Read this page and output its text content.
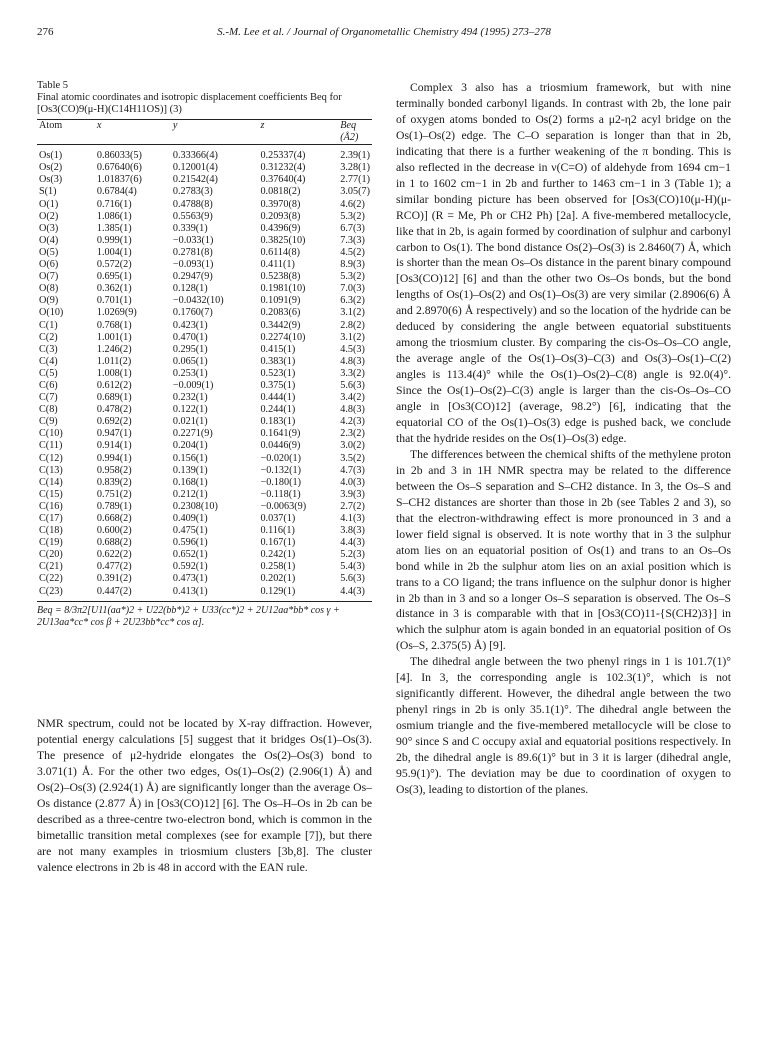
276	S.-M. Lee et al. / Journal of Organometallic Chemistry 494 (1995) 273–278
Table 5
Final atomic coordinates and isotropic displacement coefficients Beq for [Os3(CO)9(μ-H)(C14H11OS)] (3)
Atom	x	y	z	Beq (Å2)
Os(1)	0.86033(5)	0.33366(4)	0.25337(4)	2.39(1)
Os(2)	0.67640(6)	0.12001(4)	0.31232(4)	3.28(1)
Os(3)	1.01837(6)	0.21542(4)	0.37640(4)	2.77(1)
S(1)	0.6784(4)	0.2783(3)	0.0818(2)	3.05(7)
O(1)	0.716(1)	0.4788(8)	0.3970(8)	4.6(2)
O(2)	1.086(1)	0.5563(9)	0.2093(8)	5.3(2)
O(3)	1.385(1)	0.339(1)	0.4396(9)	6.7(3)
O(4)	0.999(1)	−0.033(1)	0.3825(10)	7.3(3)
O(5)	1.004(1)	0.2781(8)	0.6114(8)	4.5(2)
O(6)	0.572(2)	−0.093(1)	0.411(1)	8.9(3)
O(7)	0.695(1)	0.2947(9)	0.5238(8)	5.3(2)
O(8)	0.362(1)	0.128(1)	0.1981(10)	7.0(3)
O(9)	0.701(1)	−0.0432(10)	0.1091(9)	6.3(2)
O(10)	1.0269(9)	0.1760(7)	0.2083(6)	3.1(2)
C(1)	0.768(1)	0.423(1)	0.3442(9)	2.8(2)
C(2)	1.001(1)	0.470(1)	0.2274(10)	3.1(2)
C(3)	1.246(2)	0.295(1)	0.415(1)	4.5(3)
C(4)	1.011(2)	0.065(1)	0.383(1)	4.8(3)
C(5)	1.008(1)	0.253(1)	0.523(1)	3.3(2)
C(6)	0.612(2)	−0.009(1)	0.375(1)	5.6(3)
C(7)	0.689(1)	0.232(1)	0.444(1)	3.4(2)
C(8)	0.478(2)	0.122(1)	0.244(1)	4.8(3)
C(9)	0.692(2)	0.021(1)	0.183(1)	4.2(3)
C(10)	0.947(1)	0.2271(9)	0.1641(9)	2.3(2)
C(11)	0.914(1)	0.204(1)	0.0446(9)	3.0(2)
C(12)	0.994(1)	0.156(1)	−0.020(1)	3.5(2)
C(13)	0.958(2)	0.139(1)	−0.132(1)	4.7(3)
C(14)	0.839(2)	0.168(1)	−0.180(1)	4.0(3)
C(15)	0.751(2)	0.212(1)	−0.118(1)	3.9(3)
C(16)	0.789(1)	0.2308(10)	−0.0063(9)	2.7(2)
C(17)	0.668(2)	0.409(1)	0.037(1)	4.1(3)
C(18)	0.600(2)	0.475(1)	0.116(1)	3.8(3)
C(19)	0.688(2)	0.596(1)	0.167(1)	4.4(3)
C(20)	0.622(2)	0.652(1)	0.242(1)	5.2(3)
C(21)	0.477(2)	0.592(1)	0.258(1)	5.4(3)
C(22)	0.391(2)	0.473(1)	0.202(1)	5.6(3)
C(23)	0.447(2)	0.413(1)	0.129(1)	4.4(3)
Beq = 8/3π2[U11(aa*)2 + U22(bb*)2 + U33(cc*)2 + 2U12aa*bb* cos γ + 2U13aa*cc* cos β + 2U23bb*cc* cos α].

NMR spectrum, could not be located by X-ray diffraction. However, potential energy calculations [5] suggest that it bridges Os(1)–Os(3). The presence of μ2-hydride elongates the Os(2)–Os(3) bond to 3.071(1) Å. For the other two edges, Os(1)–Os(2) (2.906(1) Å) and Os(2)–Os(3) (2.924(1) Å) are significantly longer than the average Os–Os distance (2.877 Å) in [Os3(CO)12] [6]. The Os–H–Os in 2b can be described as a three-centre two-electron bond, which is common in the bimetallic transition metal complexes (see for example [7]), but there are not many examples in triosmium clusters [3b,8]. The cluster valence electrons in 2b is 48 in accord with the EAN rule.

Complex 3 also has a triosmium framework, but with nine terminally bonded carbonyl ligands. In contrast with 2b, the lone pair of oxygen atoms bonded to Os(2) forms a μ2-η2 acyl bridge on the Os(1)–Os(2) edge. The C–O separation is longer than that in 2b, indicating that there is a further weakening of the π bonding. This is also reflected in the decrease in ν(C=O) of aldehyde from 1694 cm−1 in 1 to 1602 cm−1 in 2b and further to 1463 cm−1 in 3 (Table 1); a similar bonding picture has been observed for [Os3(CO)10(μ-H)(μ-RCO)] (R = Me, Ph or CH2 Ph) [2a]. A five-membered metallocycle, like that in 2b, is again formed by coordination of sulphur and carbonyl carbon to Os(1). The bond distance Os(2)–Os(3) is 2.8460(7) Å, which is shorter than the mean Os–Os distance in the parent binary compound [Os3(CO)12] [6] and than the other two Os–Os bonds, but the bond lengths of Os(1)–Os(2) and Os(1)–Os(3) are very similar (2.8906(6) Å and 2.8970(6) Å respectively) and so the location of the hydride can be deduced by considering the angle between equatorial substituents among the triosmium cluster. By comparing the cis-Os–Os–CO angle, the average angle of the Os(1)–Os(3)–C(3) and Os(3)–Os(1)–C(2) angles is 113.4(4)° while the Os(1)–Os(2)–C(8) angle is 92.0(4)°. Since the Os(1)–Os(2)–C(3) angle is larger than the cis-Os–Os–CO angle in [Os3(CO)12] (average, 98.2°) [6], indicating that the equatorial CO of the Os(1)–Os(3) edge is pushed back, we conclude that the hydride resides on the Os(1)–Os(3) edge.

The differences between the chemical shifts of the methylene proton in 2b and 3 in 1H NMR spectra may be related to the difference between the Os–S separation and S–CH2 distance. In 3, the Os–S and S–CH2 distances are shorter than those in 2b (see Tables 2 and 3), so that the electron-withdrawing effect is more pronounced in 3 and a lower field signal is observed. It is note worthy that in 3 the sulphur atom lies on an equatorial position of Os(1) and trans to an Os–Os bond while in 2b the sulphur atom lies on an axial position which is trans to a CO ligand; the trans influence on the sulphur donor is higher in 2b than in 3 and so a longer Os–S separation is observed. The Os–S distance in 3 is comparable with that in [Os3(CO)11-{S(CH2)3}] in which the sulphur atom is again bonded in an equatorial position of Os (Os–S, 2.375(5) Å) [9].

The dihedral angle between the two phenyl rings in 1 is 101.7(1)° [4]. In 3, the corresponding angle is 102.3(1)°, which is not significantly different. However, the dihedral angle between the two phenyl rings in 2b is only 35.1(1)°. The dihedral angle between the osmium triangle and the five-membered metallocycle will be close to 90° since S and C occupy axial and equatorial positions respectively. In 2b, the dihedral angle is 89.6(1)° but in 3 it is larger (dihedral angle, 95.9(1)°). The deviation may be due to coordination of oxygen to Os(3), leading to distortion of the planes.
